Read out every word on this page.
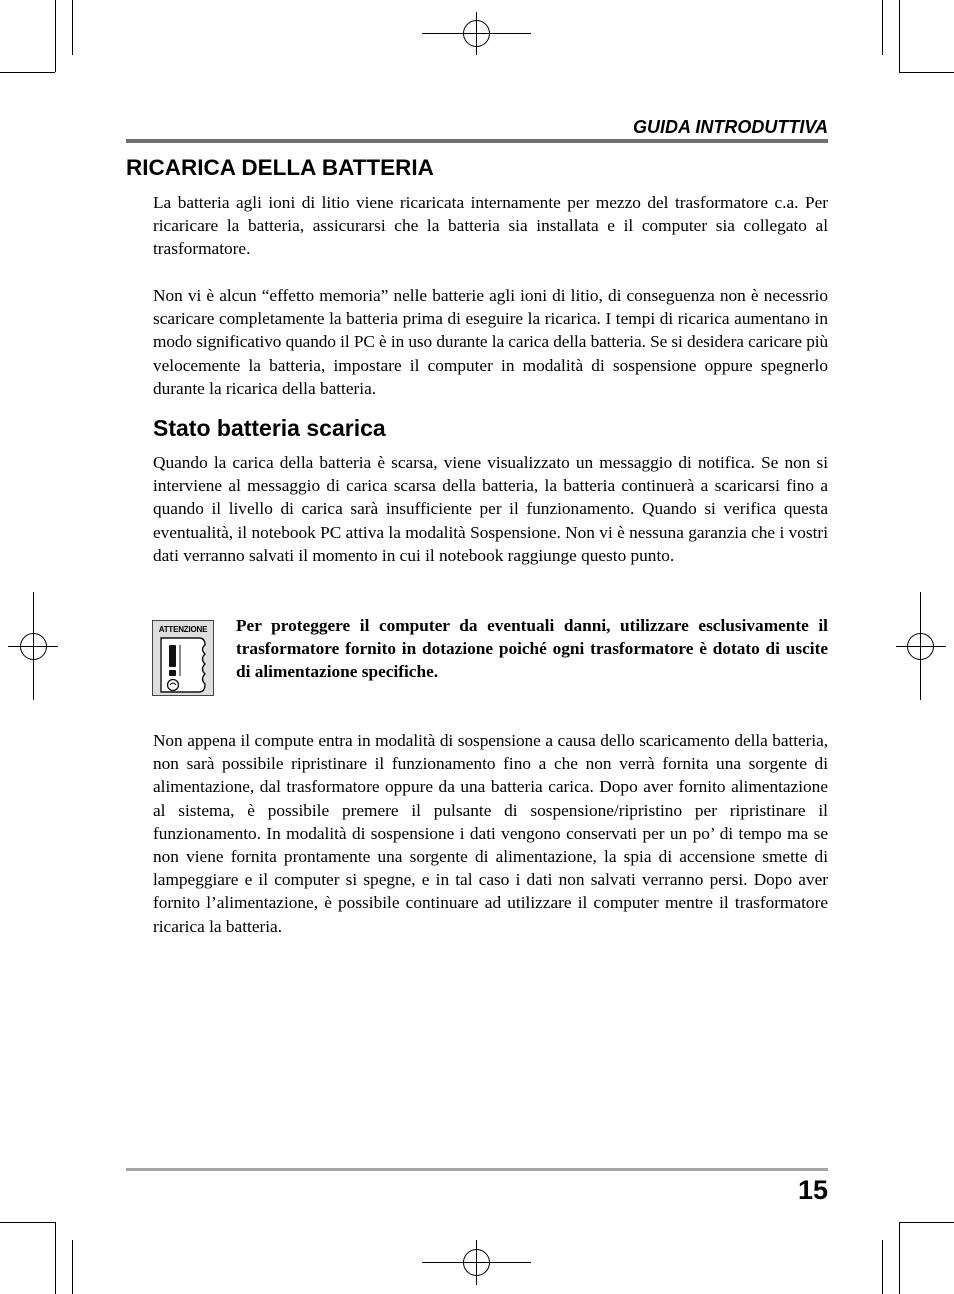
GUIDA INTRODUTTIVA

RICARICA DELLA BATTERIA
La batteria agli ioni di litio viene ricaricata internamente per mezzo del trasformatore c.a. Per
ricaricare la batteria, assicurarsi che la batteria sia installata e il computer sia collegato al
trasformatore.
Non vi è alcun “effetto memoria” nelle batterie agli ioni di litio, di conseguenza non è necessrio
scaricare completamente la batteria prima di eseguire la ricarica. I tempi di ricarica aumentano in
modo significativo quando il PC è in uso durante la carica della batteria. Se si desidera caricare più
velocemente la batteria, impostare il computer in modalità di sospensione oppure spegnerlo
durante la ricarica della batteria.
Stato batteria scarica
Quando la carica della batteria è scarsa, viene visualizzato un messaggio di notifica. Se non si
interviene al messaggio di carica scarsa della batteria, la batteria continuerà a scaricarsi fino a
quando il livello di carica sarà insufficiente per il funzionamento. Quando si verifica questa
eventualità, il notebook PC attiva la modalità Sospensione. Non vi è nessuna garanzia che i vostri
dati verranno salvati il momento in cui il notebook raggiunge questo punto.
ATTENZIONE	Per proteggere il computer da eventuali danni, utilizzare esclusivamente il
trasformatore fornito in dotazione poiché ogni trasformatore è dotato di uscite
di alimentazione specifiche.
Non appena il compute entra in modalità di sospensione a causa dello scaricamento della batteria,
non sarà possibile ripristinare il funzionamento fino a che non verrà fornita una sorgente di
alimentazione, dal trasformatore oppure da una batteria carica. Dopo aver fornito alimentazione
al sistema, è possibile premere il pulsante di sospensione/ripristino per ripristinare il
funzionamento. In modalità di sospensione i dati vengono conservati per un po’ di tempo ma se
non viene fornita prontamente una sorgente di alimentazione, la spia di accensione smette di
lampeggiare e il computer si spegne, e in tal caso i dati non salvati verranno persi. Dopo aver
fornito l’alimentazione, è possibile continuare ad utilizzare il computer mentre il trasformatore
ricarica la batteria.

15
